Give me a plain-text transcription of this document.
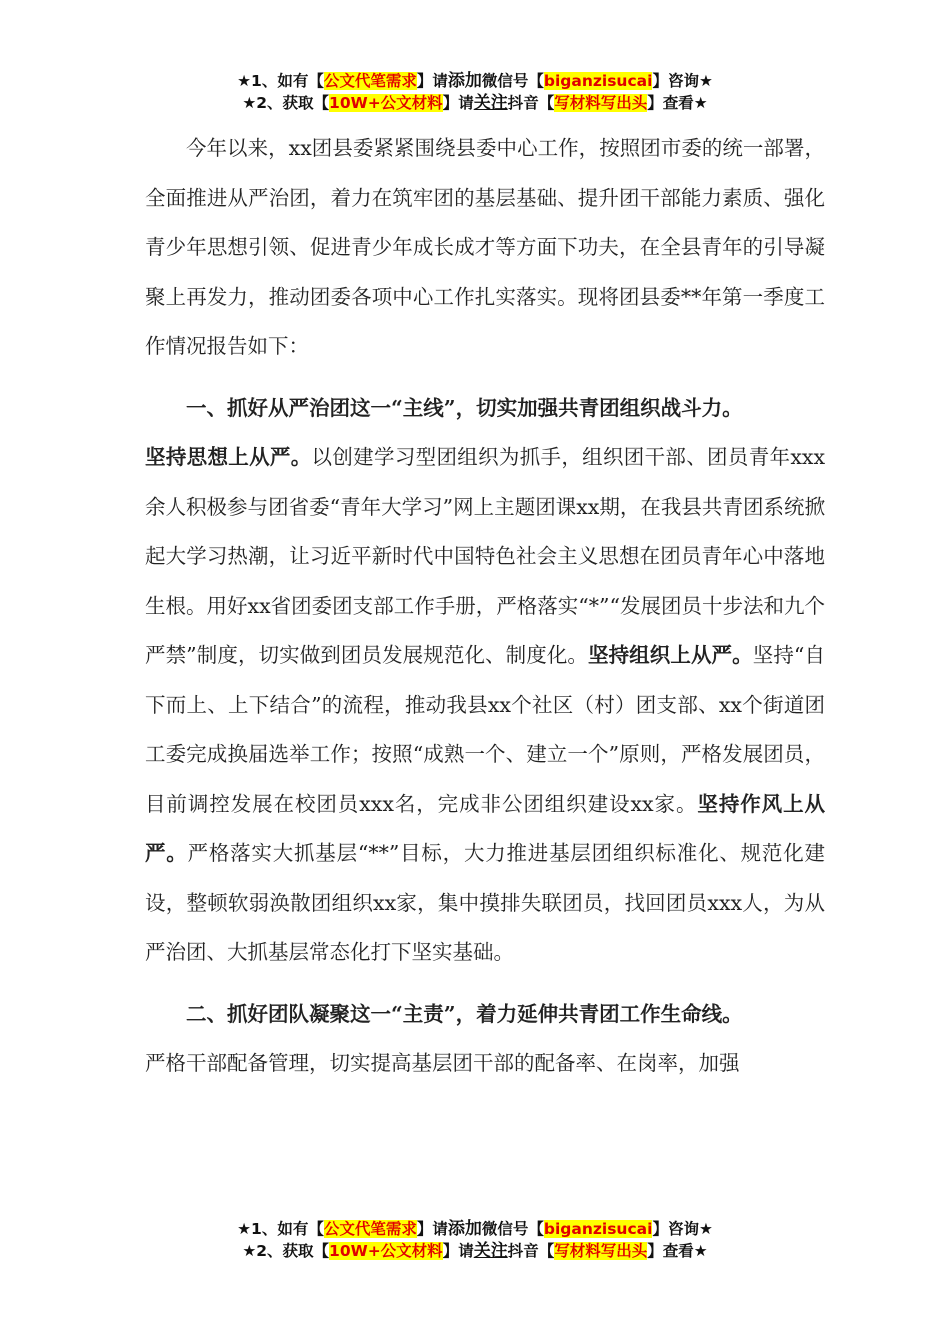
★1、如有【公文代笔需求】请添加微信号【biganzisucai】咨询★
★2、获取【10W+公文材料】请关注抖音【写材料写出头】查看★

今年以来，xx团县委紧紧围绕县委中心工作，按照团市委的统一部署，全面推进从严治团，着力在筑牢团的基层基础、提升团干部能力素质、强化青少年思想引领、促进青少年成长成才等方面下功夫，在全县青年的引导凝聚上再发力，推动团委各项中心工作扎实落实。现将团县委**年第一季度工作情况报告如下：

一、抓好从严治团这一“主线”，切实加强共青团组织战斗力。

坚持思想上从严。以创建学习型团组织为抓手，组织团干部、团员青年xxx余人积极参与团省委“青年大学习”网上主题团课xx期，在我县共青团系统掀起大学习热潮，让习近平新时代中国特色社会主义思想在团员青年心中落地生根。用好xx省团委团支部工作手册，严格落实“*”“发展团员十步法和九个严禁”制度，切实做到团员发展规范化、制度化。坚持组织上从严。坚持“自下而上、上下结合”的流程，推动我县xx个社区（村）团支部、xx个街道团工委完成换届选举工作；按照“成熟一个、建立一个”原则，严格发展团员，目前调控发展在校团员xxx名，完成非公团组织建设xx家。坚持作风上从严。严格落实大抓基层“**”目标，大力推进基层团组织标准化、规范化建设，整顿软弱涣散团组织xx家，集中摸排失联团员，找回团员xxx人，为从严治团、大抓基层常态化打下坚实基础。

二、抓好团队凝聚这一“主责”，着力延伸共青团工作生命线。

严格干部配备管理，切实提高基层团干部的配备率、在岗率，加强

★1、如有【公文代笔需求】请添加微信号【biganzisucai】咨询★
★2、获取【10W+公文材料】请关注抖音【写材料写出头】查看★
